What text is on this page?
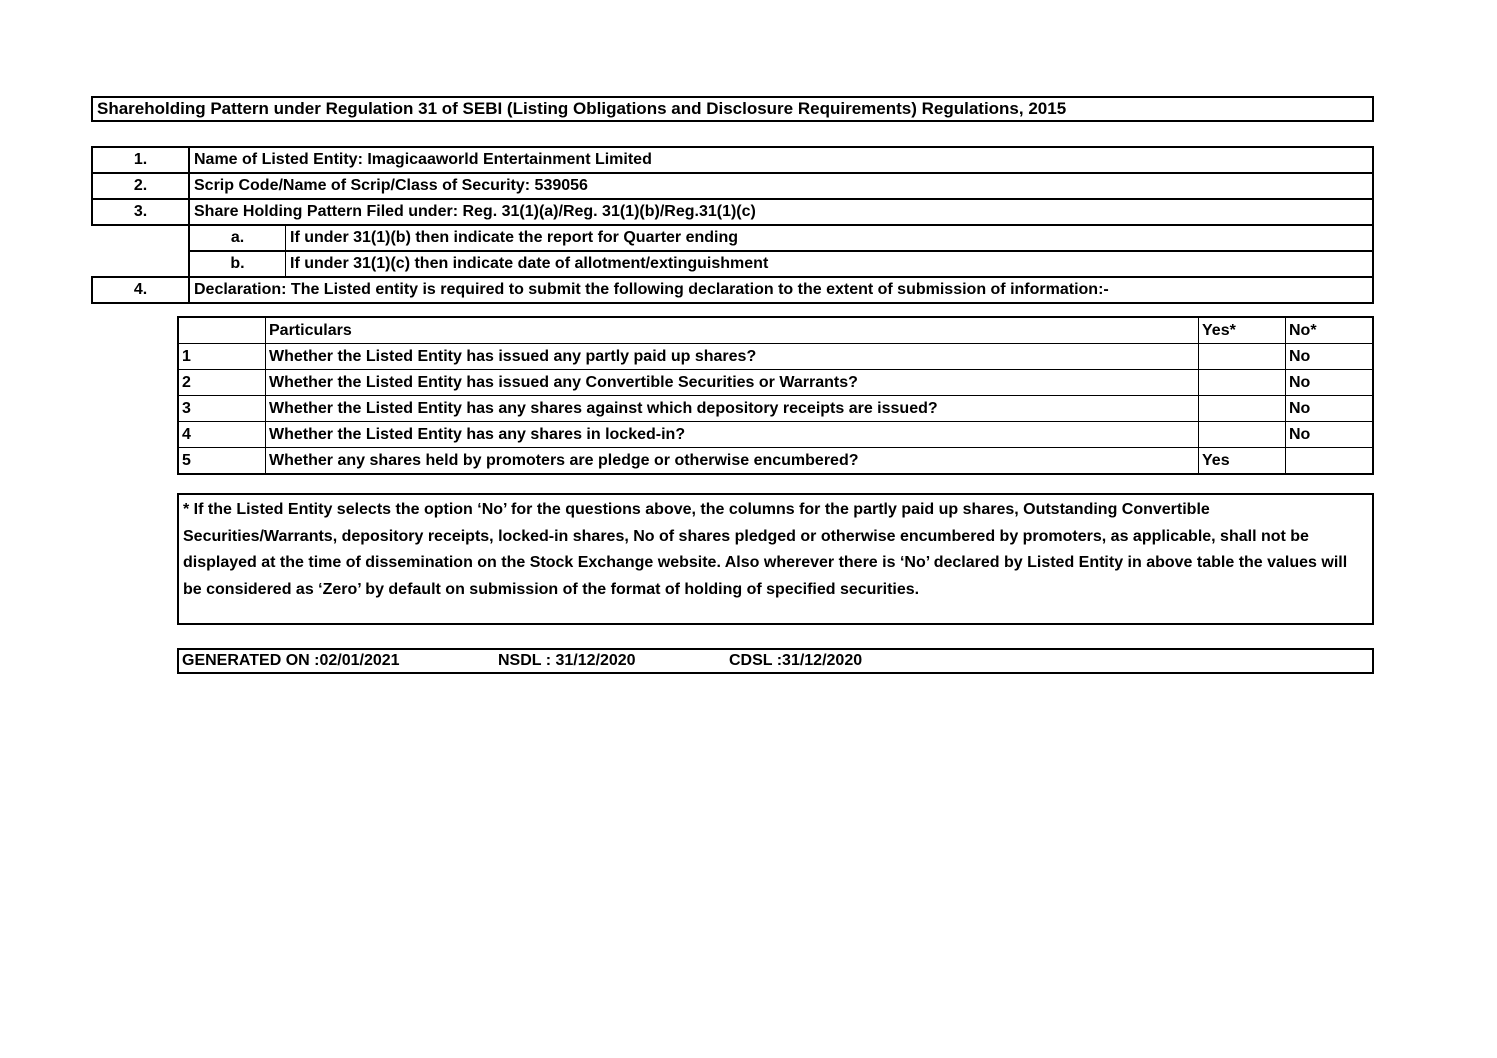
Shareholding Pattern under Regulation 31 of SEBI (Listing Obligations and Disclosure Requirements) Regulations, 2015
1.	Name of Listed Entity: Imagicaaworld Entertainment Limited	
2.	Scrip Code/Name of Scrip/Class of Security: 539056	
3.	Share Holding Pattern Filed under: Reg. 31(1)(a)/Reg. 31(1)(b)/Reg.31(1)(c)	
	a.	If under 31(1)(b) then indicate the report for Quarter ending
	b.	If under 31(1)(c) then indicate date of allotment/extinguishment
4.	Declaration: The Listed entity is required to submit the following declaration to the extent of submission of information:-	
	Particulars	Yes*	No*
1	Whether the Listed Entity has issued any partly paid up shares?		No
2	Whether the Listed Entity has issued any Convertible Securities or Warrants?		No
3	Whether the Listed Entity has any shares against which depository receipts are issued?		No
4	Whether the Listed Entity has any shares in locked-in?		No
5	Whether any shares held by promoters are pledge or otherwise encumbered?	Yes	
* If the Listed Entity selects the option ‘No’ for the questions above, the columns for the partly paid up shares, Outstanding Convertible Securities/Warrants, depository receipts, locked-in shares, No of shares pledged or otherwise encumbered by promoters, as applicable, shall not be displayed at the time of dissemination on the Stock Exchange website. Also wherever there is ‘No’ declared by Listed Entity in above table the values will be considered as ‘Zero’ by default on submission of the format of holding of specified securities.
GENERATED ON :02/01/2021	NSDL : 31/12/2020	CDSL :31/12/2020
